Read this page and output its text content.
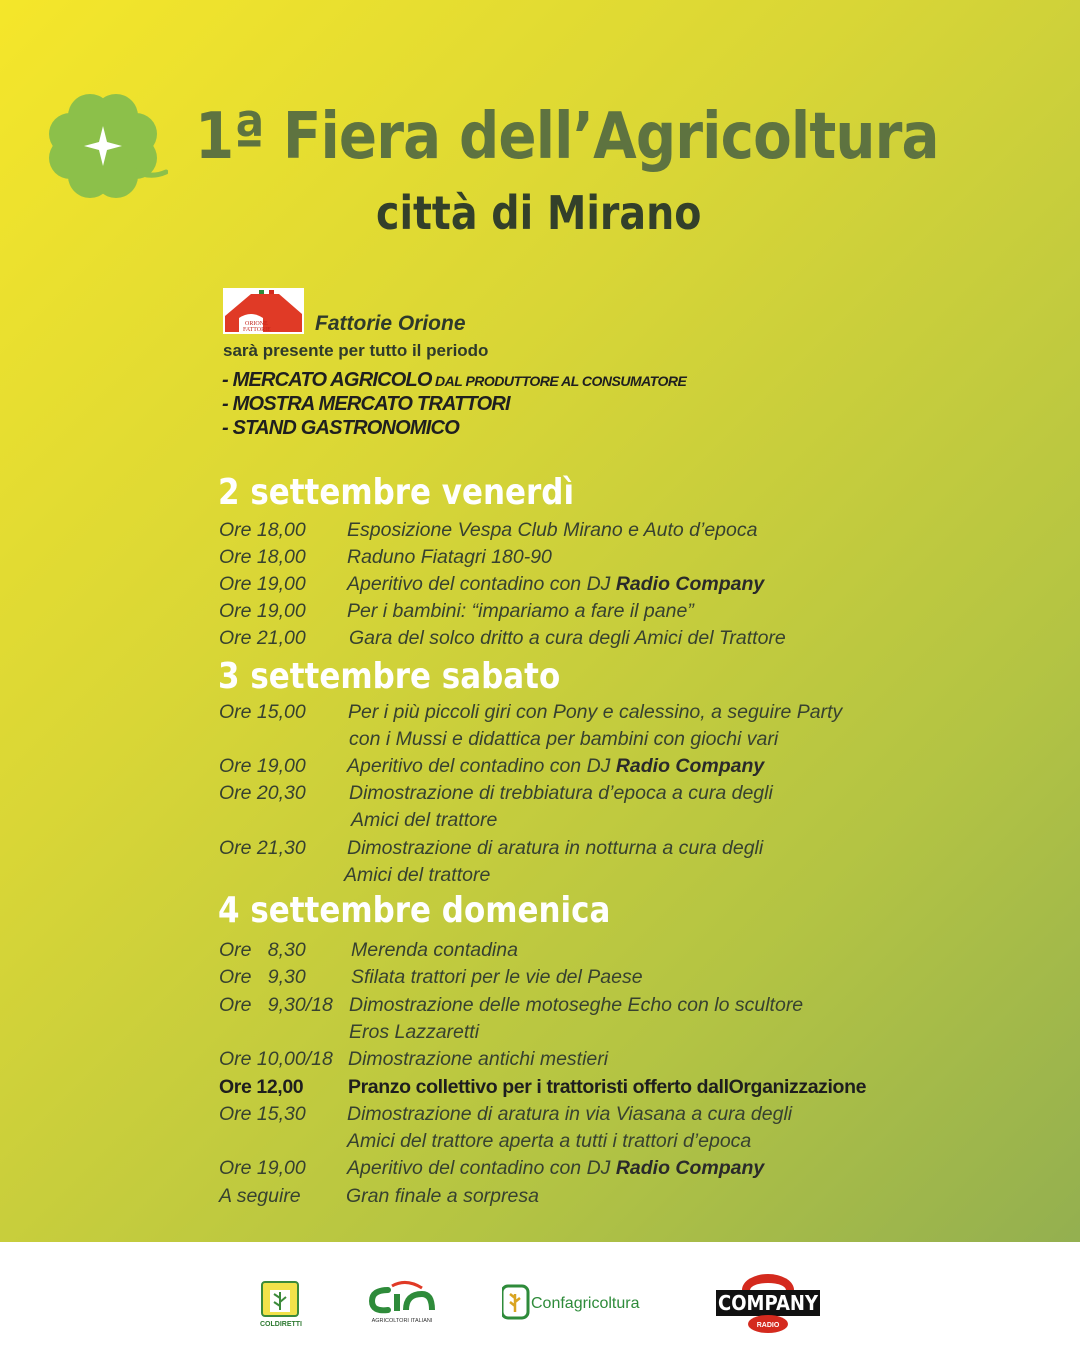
1ª Fiera dell’Agricoltura
città di Mirano
ORIONE
FATTORIE Fattorie Orione
sarà presente per tutto il periodo
- MERCATO AGRICOLO DAL PRODUTTORE AL CONSUMATORE
- MOSTRA MERCATO TRATTORI
- STAND GASTRONOMICO
2 settembre venerdì
Ore 18,00 Esposizione Vespa Club Mirano e Auto d’epoca
Ore 18,00 Raduno Fiatagri 180-90
Ore 19,00 Aperitivo del contadino con DJ Radio Company
Ore 19,00 Per i bambini: “impariamo a fare il pane”
Ore 21,00 Gara del solco dritto a cura degli Amici del Trattore
3 settembre sabato
Ore 15,00 Per i più piccoli giri con Pony e calessino, a seguire Party
con i Mussi e didattica per bambini con giochi vari
Ore 19,00 Aperitivo del contadino con DJ Radio Company
Ore 20,30 Dimostrazione di trebbiatura d’epoca a cura degli
Amici del trattore
Ore 21,30 Dimostrazione di aratura in notturna a cura degli
Amici del trattore
4 settembre domenica
Ore   8,30 Merenda contadina
Ore   9,30 Sfilata trattori per le vie del Paese
Ore   9,30/18 Dimostrazione delle motoseghe Echo con lo scultore
Eros Lazzaretti
Ore 10,00/18 Dimostrazione antichi mestieri
Ore 12,00 Pranzo collettivo per i trattoristi offerto dallOrganizzazione
Ore 15,30 Dimostrazione di aratura in via Viasana a cura degli
Amici del trattore aperta a tutti i trattori d’epoca
Ore 19,00 Aperitivo del contadino con DJ Radio Company
A seguire Gran finale a sorpresa
COLDIRETTI	AGRICOLTORI ITALIANI
Confagricoltura	COMPANY
RADIO
